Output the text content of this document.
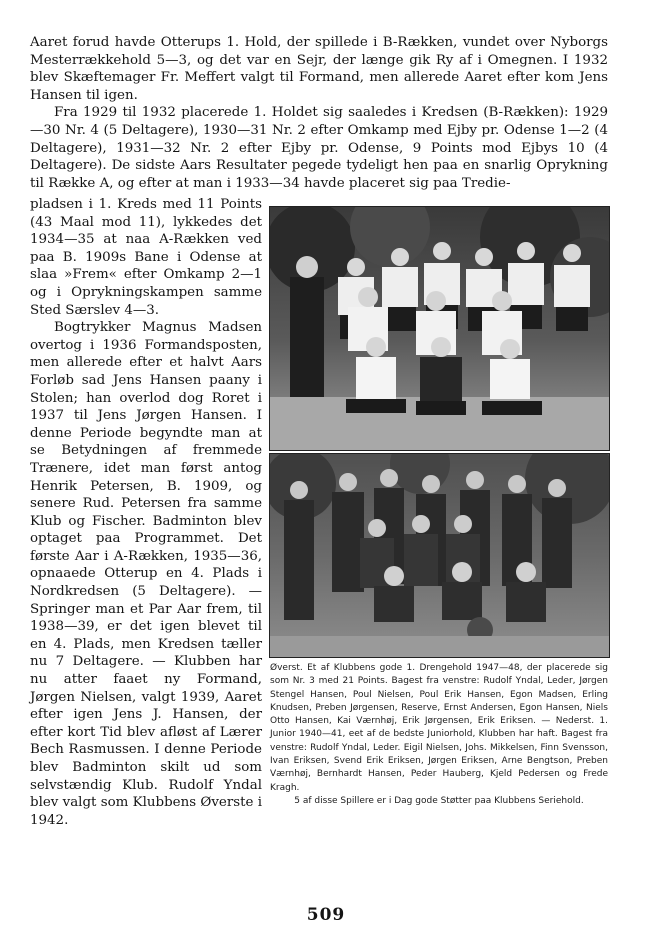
Aaret forud havde Otterups 1. Hold, der spillede i B-Rækken, vundet over Nyborgs Mesterrækkehold 5—3, og det var en Sejr, der længe gik Ry af i Omegnen. I 1932 blev Skæftemager Fr. Meffert valgt til Formand, men allerede Aaret efter kom Jens Hansen til igen.

Fra 1929 til 1932 placerede 1. Holdet sig saaledes i Kredsen (B-Rækken): 1929—30 Nr. 4 (5 Deltagere), 1930—31 Nr. 2 efter Omkamp med Ejby pr. Odense 1—2 (4 Deltagere), 1931—32 Nr. 2 efter Ejby pr. Odense, 9 Points mod Ejbys 10 (4 Deltagere). De sidste Aars Resultater pegede tydeligt hen paa en snarlig Oprykning til Række A, og efter at man i 1933—34 havde placeret sig paa Tredie-

pladsen i 1. Kreds med 11 Points (43 Maal mod 11), lykkedes det 1934—35 at naa A-Rækken ved paa B. 1909s Bane i Odense at slaa »Frem« efter Omkamp 2—1 og i Oprykningskampen samme Sted Særslev 4—3.

Bogtrykker Magnus Madsen overtog i 1936 Formandsposten, men allerede efter et halvt Aars Forløb sad Jens Hansen paany i Stolen; han overlod dog Roret i 1937 til Jens Jørgen Hansen. I denne Periode begyndte man at se Betydningen af fremmede Trænere, idet man først antog Henrik Petersen, B. 1909, og senere Rud. Petersen fra samme Klub og Fischer. Badminton blev optaget paa Programmet. Det første Aar i A-Rækken, 1935—36, opnaaede Otterup en 4. Plads i Nordkredsen (5 Deltagere). — Springer man et Par Aar frem, til 1938—39, er det igen blevet til en 4. Plads, men Kredsen tæller nu 7 Deltagere. — Klubben har nu atter faaet ny Formand, Jørgen Nielsen, valgt 1939, Aaret efter igen Jens J. Hansen, der efter kort Tid blev afløst af Lærer Bech Rasmussen. I denne Periode blev Badminton skilt ud som selvstændig Klub. Rudolf Yndal blev valgt som Klubbens Øverste i 1942.

Øverst. Et af Klubbens gode 1. Drengehold 1947—48, der placerede sig som Nr. 3 med 21 Points. Bagest fra venstre: Rudolf Yndal, Leder, Jørgen Stengel Hansen, Poul Nielsen, Poul Erik Hansen, Egon Madsen, Erling Knudsen, Preben Jørgensen, Reserve, Ernst Andersen, Egon Hansen, Niels Otto Hansen, Kai Værnhøj, Erik Jørgensen, Erik Eriksen. — Nederst. 1. Junior 1940—41, eet af de bedste Juniorhold, Klubben har haft. Bagest fra venstre: Rudolf Yndal, Leder. Eigil Nielsen, Johs. Mikkelsen, Finn Svensson, Ivan Eriksen, Svend Erik Eriksen, Jørgen Eriksen, Arne Bengtson, Preben Værnhøj, Bernhardt Hansen, Peder Hauberg, Kjeld Pedersen og Frede Kragh.
5 af disse Spillere er i Dag gode Støtter paa Klubbens Seriehold.
509
